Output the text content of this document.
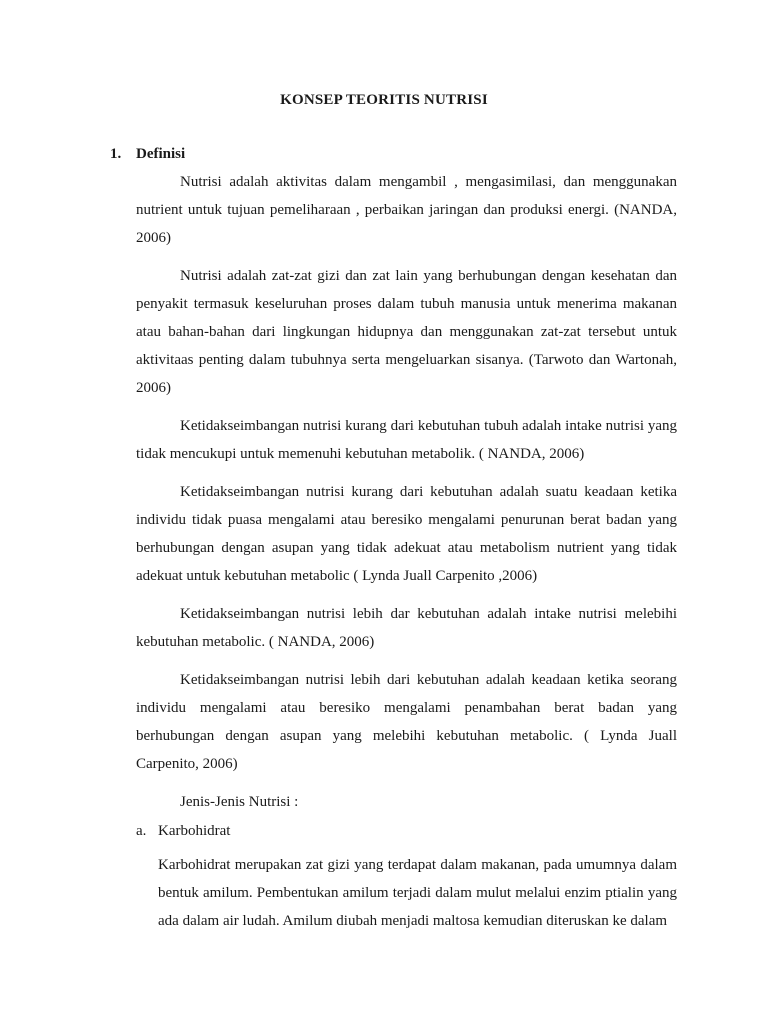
KONSEP TEORITIS NUTRISI
1. Definisi

Nutrisi adalah aktivitas dalam mengambil , mengasimilasi, dan menggunakan nutrient untuk tujuan pemeliharaan , perbaikan jaringan dan produksi energi. (NANDA, 2006)

Nutrisi adalah zat-zat gizi dan zat lain yang berhubungan dengan kesehatan dan penyakit termasuk keseluruhan proses dalam tubuh manusia untuk menerima makanan atau bahan-bahan dari lingkungan hidupnya dan menggunakan zat-zat tersebut untuk aktivitaas penting dalam tubuhnya serta mengeluarkan sisanya. (Tarwoto dan Wartonah, 2006)

Ketidakseimbangan nutrisi kurang dari kebutuhan tubuh adalah intake nutrisi yang tidak mencukupi untuk memenuhi kebutuhan metabolik. ( NANDA, 2006)

Ketidakseimbangan nutrisi kurang dari kebutuhan adalah suatu keadaan ketika individu tidak puasa mengalami atau beresiko mengalami penurunan berat badan yang berhubungan dengan asupan yang tidak adekuat atau metabolism nutrient yang tidak adekuat untuk kebutuhan metabolic ( Lynda Juall Carpenito ,2006)

Ketidakseimbangan nutrisi lebih dar kebutuhan adalah intake nutrisi melebihi kebutuhan metabolic. ( NANDA, 2006)

Ketidakseimbangan nutrisi lebih dari kebutuhan adalah keadaan ketika seorang individu mengalami atau beresiko mengalami penambahan berat badan yang berhubungan dengan asupan yang melebihi kebutuhan metabolic. ( Lynda Juall Carpenito, 2006)

Jenis-Jenis Nutrisi :

a. Karbohidrat

Karbohidrat merupakan zat gizi yang terdapat dalam makanan, pada umumnya dalam bentuk amilum. Pembentukan amilum terjadi dalam mulut melalui enzim ptialin yang ada dalam air ludah. Amilum diubah menjadi maltosa kemudian diteruskan ke dalam
